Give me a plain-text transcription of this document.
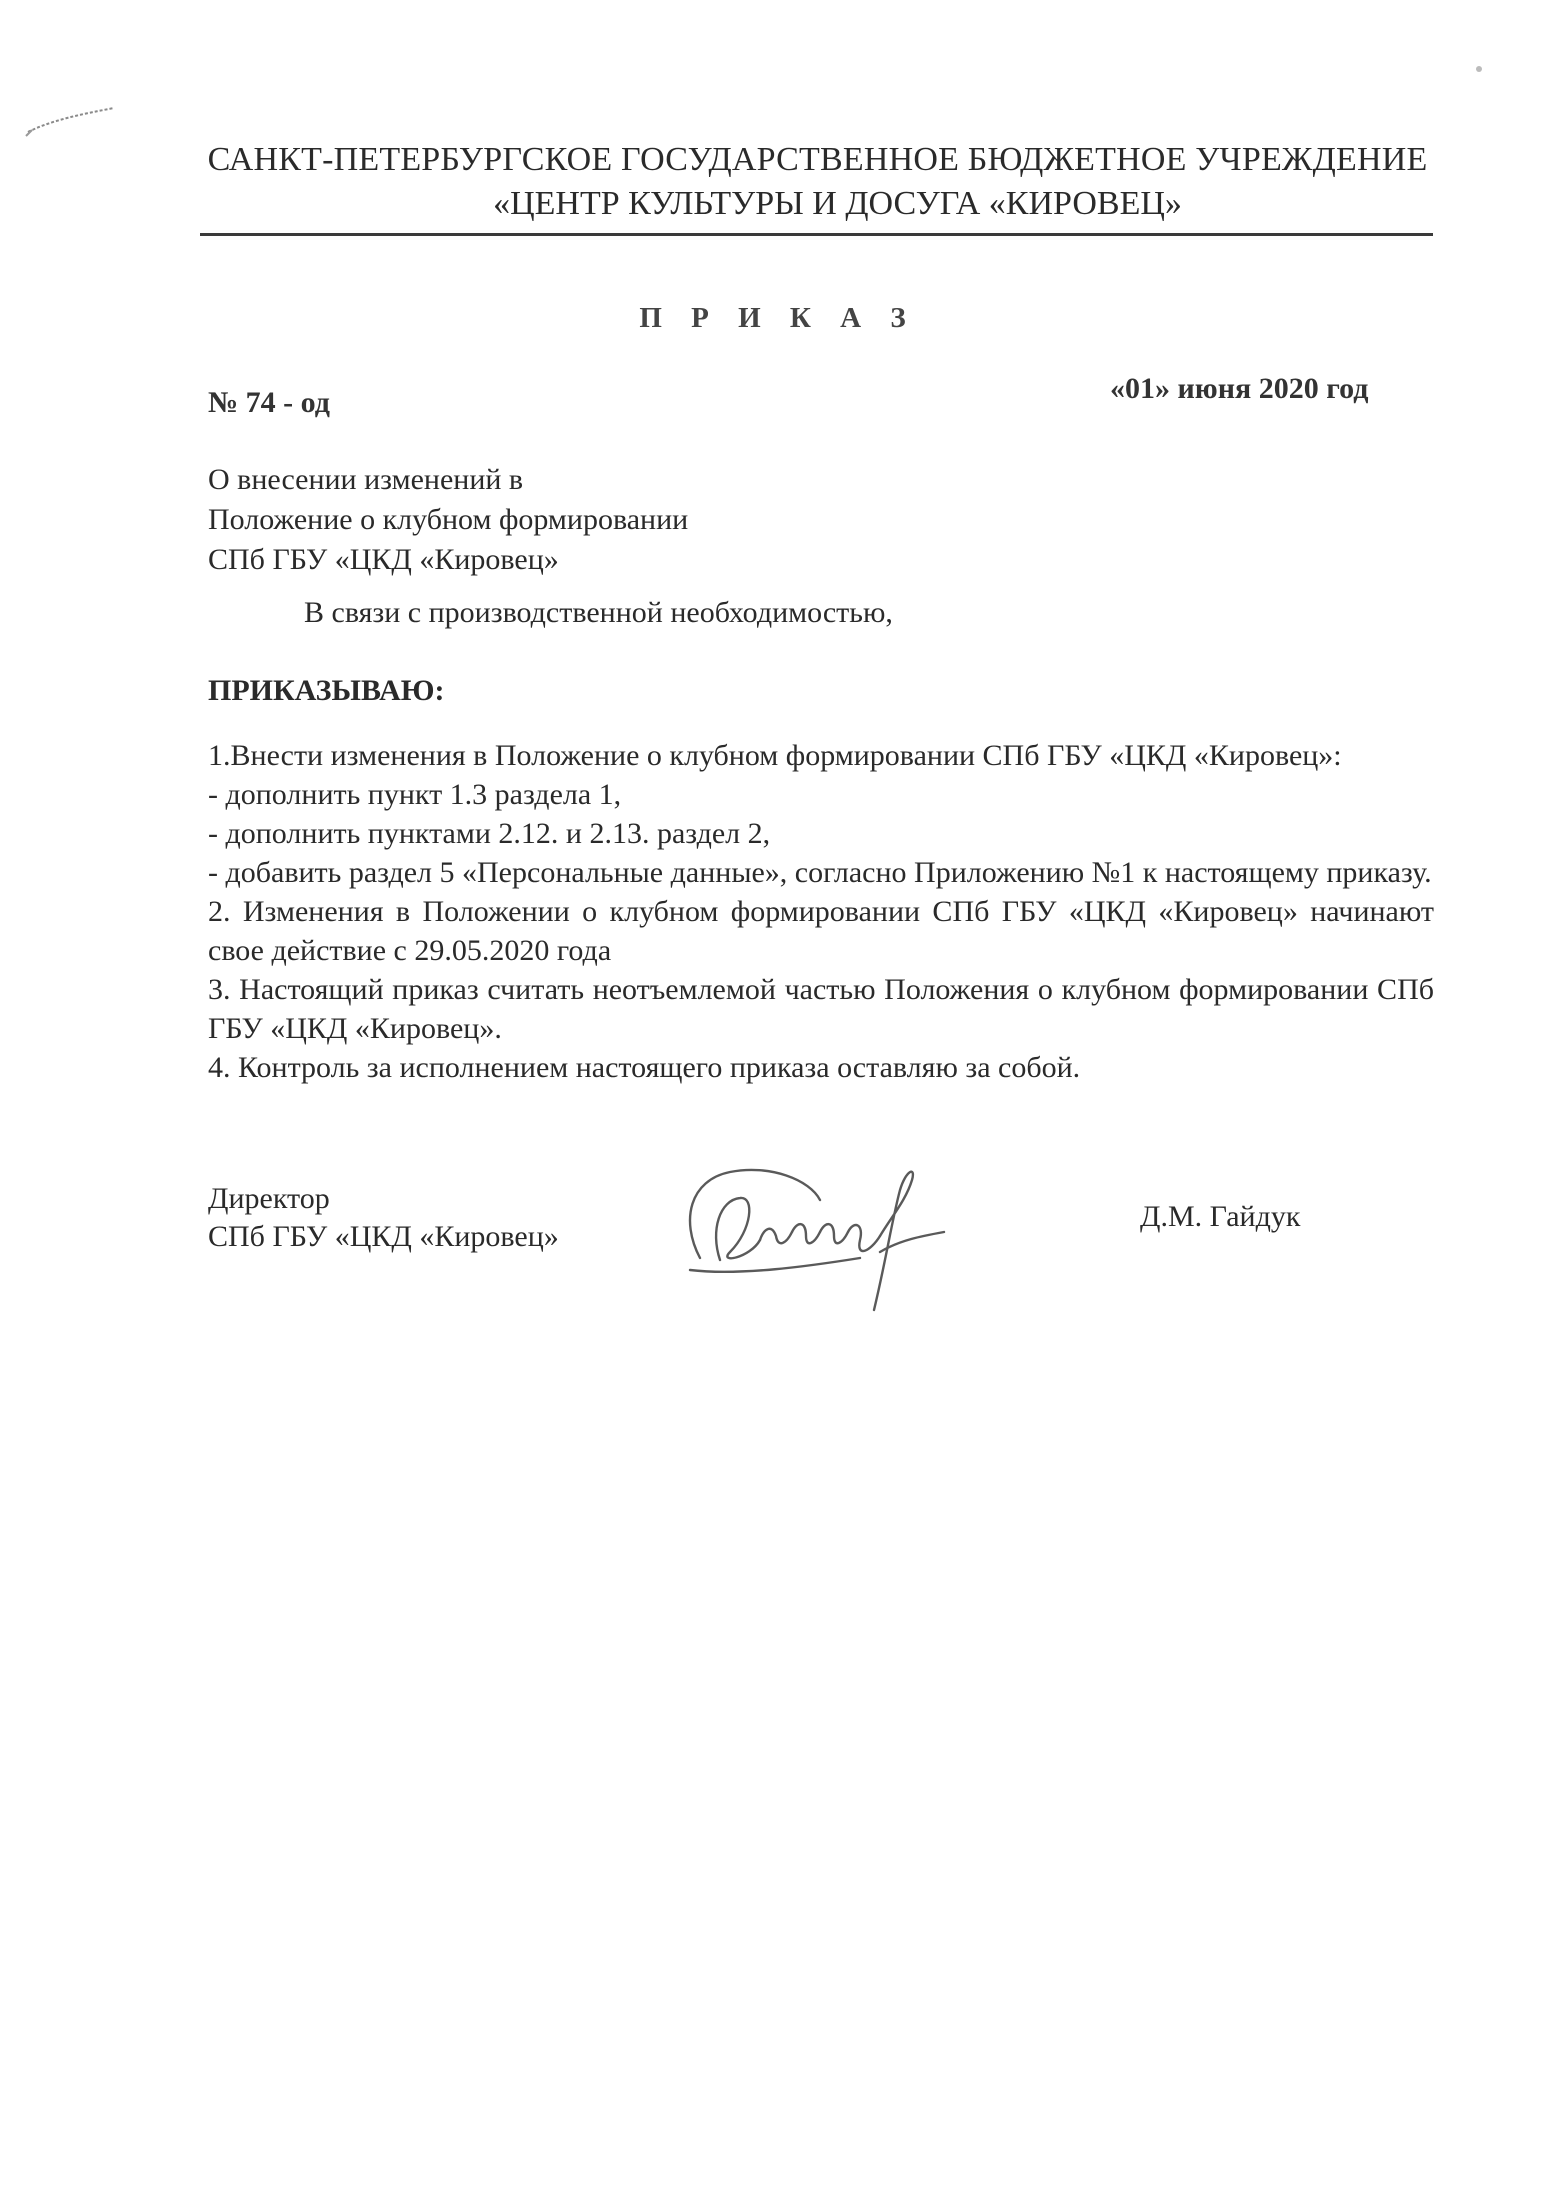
САНКТ-ПЕТЕРБУРГСКОЕ ГОСУДАРСТВЕННОЕ БЮДЖЕТНОЕ УЧРЕЖДЕНИЕ
«ЦЕНТР КУЛЬТУРЫ И ДОСУГА «КИРОВЕЦ»
П Р И К А З
№ 74 - од	«01» июня 2020 год
О внесении изменений в
Положение о клубном формировании
СПб ГБУ «ЦКД «Кировец»
В связи с производственной необходимостью,
ПРИКАЗЫВАЮ:

1.Внести изменения в Положение о клубном формировании СПб ГБУ «ЦКД «Кировец»:

- дополнить пункт 1.3 раздела 1,

- дополнить пунктами 2.12. и 2.13. раздел 2,

- добавить раздел 5 «Персональные данные», согласно Приложению №1 к настоящему приказу.

2. Изменения в Положении о клубном формировании СПб ГБУ «ЦКД «Кировец» начинают свое действие с 29.05.2020 года

3. Настоящий приказ считать неотъемлемой частью Положения о клубном формировании СПб ГБУ «ЦКД «Кировец».

4. Контроль за исполнением настоящего приказа оставляю за собой.

Директор
СПб ГБУ «ЦКД «Кировец»
Д.М. Гайдук
